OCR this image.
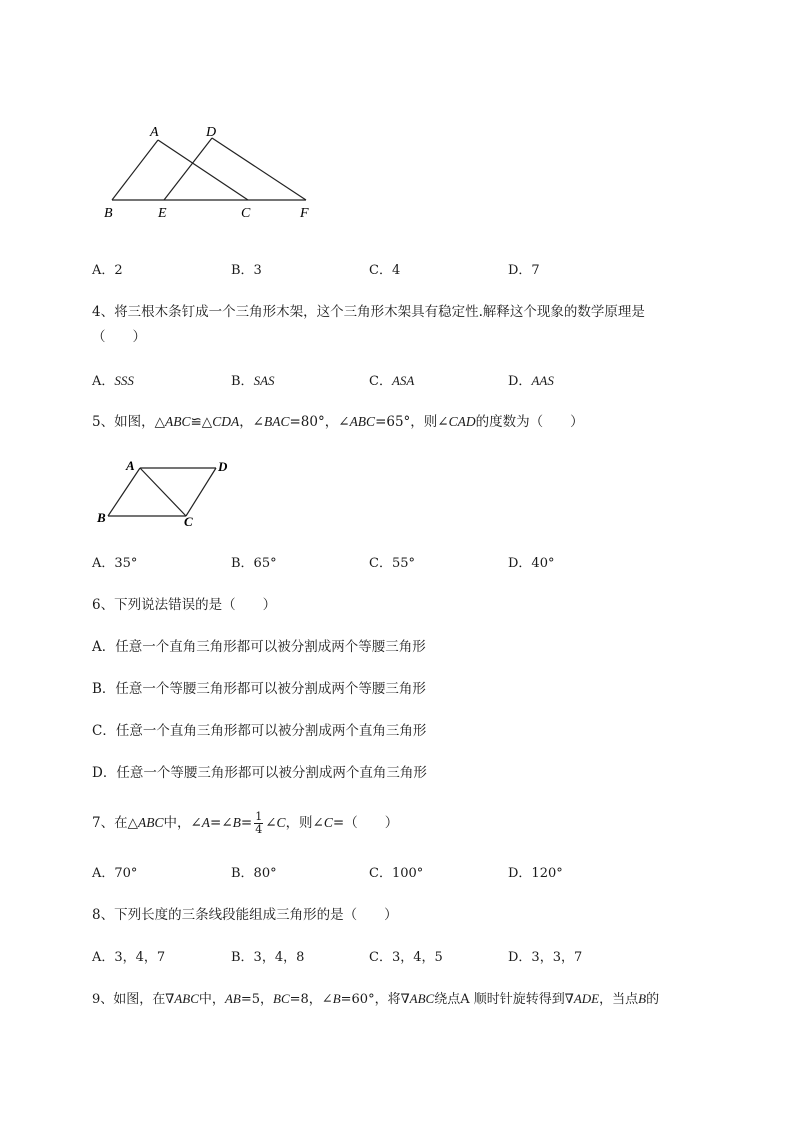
A	D
B	E	C	F
A．2	B．3	C．4	D．7
4、将三根木条钉成一个三角形木架，这个三角形木架具有稳定性.解释这个现象的数学原理是
（　　）
A．SSS	B．SAS	C．ASA	D．AAS
5、如图，△ABC≌△CDA，∠BAC=80°，∠ABC=65°，则∠CAD的度数为（　　）
A	D
B	C
A．35°	B．65°	C．55°	D．40°
6、下列说法错误的是（　　）
A．任意一个直角三角形都可以被分割成两个等腰三角形
B．任意一个等腰三角形都可以被分割成两个等腰三角形
C．任意一个直角三角形都可以被分割成两个直角三角形
D．任意一个等腰三角形都可以被分割成两个直角三角形
7、在△ABC中，∠A=∠B= $\frac{1}{4}$ ∠C，则∠C=（　　）
A．70°	B．80°	C．100°	D．120°
8、下列长度的三条线段能组成三角形的是（　　）
A．3，4，7	B．3，4，8	C．3，4，5	D．3，3，7
9、如图，在∇ABC中，AB=5，BC=8，∠B=60°，将∇ABC绕点A 顺时针旋转得到∇ADE，当点B的
